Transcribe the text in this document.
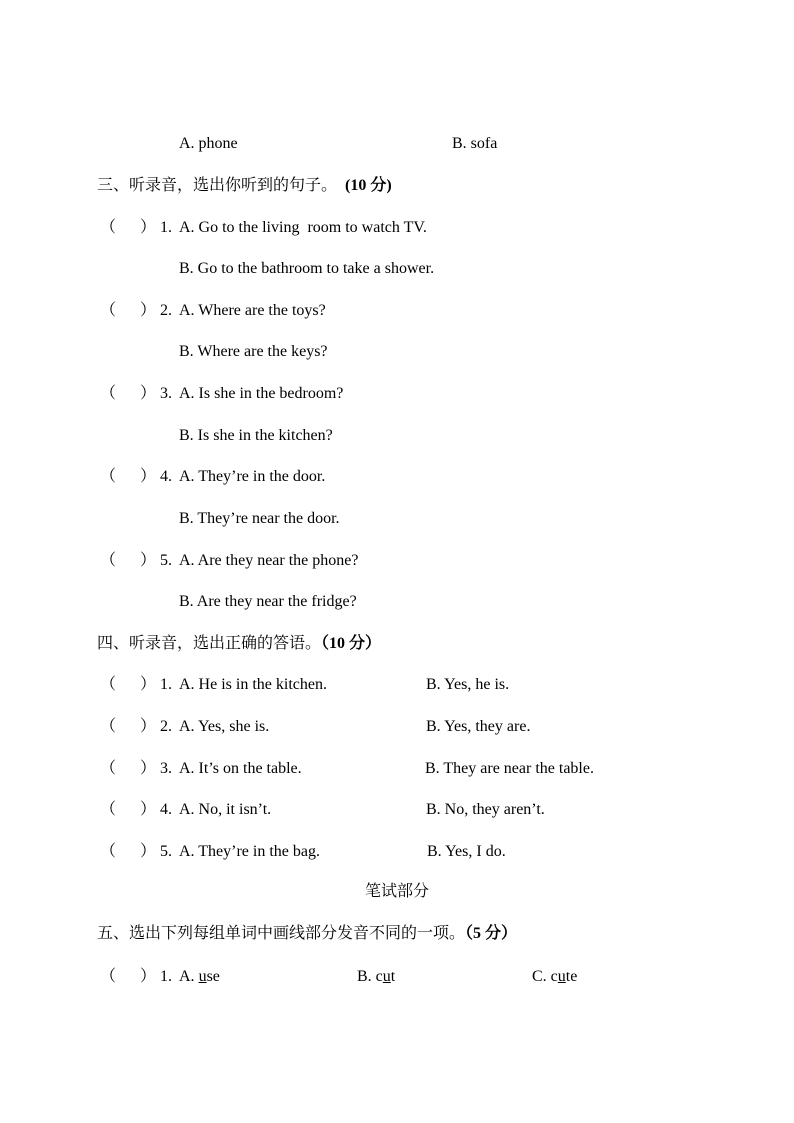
A. phone	B. sofa
三、听录音，选出你听到的句子。 (10 分)
（      ） 1. A. Go to the living  room to watch TV.
B. Go to the bathroom to take a shower.
（      ） 2. A. Where are the toys?
B. Where are the keys?
（      ） 3. A. Is she in the bedroom?
B. Is she in the kitchen?
（      ） 4. A. They’re in the door.
B. They’re near the door.
（      ） 5. A. Are they near the phone?
B. Are they near the fridge?
四、听录音，选出正确的答语。（10 分）
（      ） 1. A. He is in the kitchen.	B. Yes, he is.
（      ） 2. A. Yes, she is.	B. Yes, they are.
（      ） 3. A. It’s on the table.	B. They are near the table.
（      ） 4. A. No, it isn’t.	B. No, they aren’t.
（      ） 5. A. They’re in the bag.	B. Yes, I do.
笔试部分
五、选出下列每组单词中画线部分发音不同的一项。（5 分）
（      ） 1. A. use	B. cut	C. cute
